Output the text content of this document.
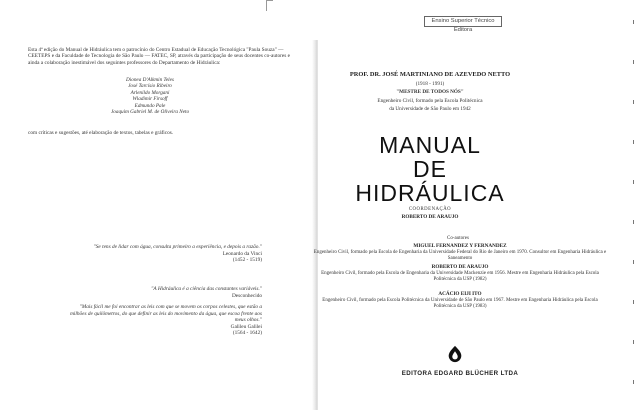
Esta 4ª edição do Manual de Hidráulica tem o patrocínio do Centro Estadual de Educação Tecnológica "Paula Souza" — CEETEPS e da Faculdade de Tecnologia de São Paulo — FATEC, SP, através da participação de seus docentes co-autores e ainda a colaboração inestimável dos seguintes professores do Departamento de Hidráulica:
Dionea D'Alkmin Teles
José Tarcísio Ribeiro
Arlenildo Morgani
Wladimir Firsoff
Edmundo Pale
Joaquim Gabriel M. de Oliveira Neto
com críticas e sugestões, até elaboração de textos, tabelas e gráficos.
"Se tens de lidar com água, consulta primeiro a experiência, e depois a razão."
Leonardo da Vinci
(1452 - 1519)
"A Hidráulica é a ciência das constantes variáveis."
Desconhecido
"Mais fácil me foi encontrar as leis com que se movem os corpos celestes, que estão a milhões de quilômetros, do que definir as leis do movimento da água, que escoa frente aos meus olhos."
Galileu Galilei
(1564 - 1642)
Ensino Superior Técnico Editora
PROF. DR. JOSÉ MARTINIANO DE AZEVEDO NETTO
(1918 - 1991)
"MESTRE DE TODOS NÓS"
Engenheiro Civil, formado pela Escola Politécnica
da Universidade de São Paulo em 1942
MANUAL
DE
HIDRÁULICA
COORDENAÇÃO
ROBERTO DE ARAUJO
Co-autores
MIGUEL FERNANDEZ Y FERNANDEZ
Engenheiro Civil, formado pela Escola de Engenharia da Universidade Federal do Rio de Janeiro em 1970. Consultor em Engenharia Hidráulica e Saneamento
ROBERTO DE ARAUJO
Engenheiro Civil, formado pela Escola de Engenharia da Universidade Mackenzie em 1956. Mestre em Engenharia Hidráulica pela Escola Politécnica da USP (1982)
ACÁCIO EIJI ITO
Engenheiro Civil, formado pela Escola Politécnica da Universidade de São Paulo em 1967. Mestre em Engenharia Hidráulica pela Escola Politécnica da USP (1983)
EDITORA EDGARD BLÜCHER LTDA
